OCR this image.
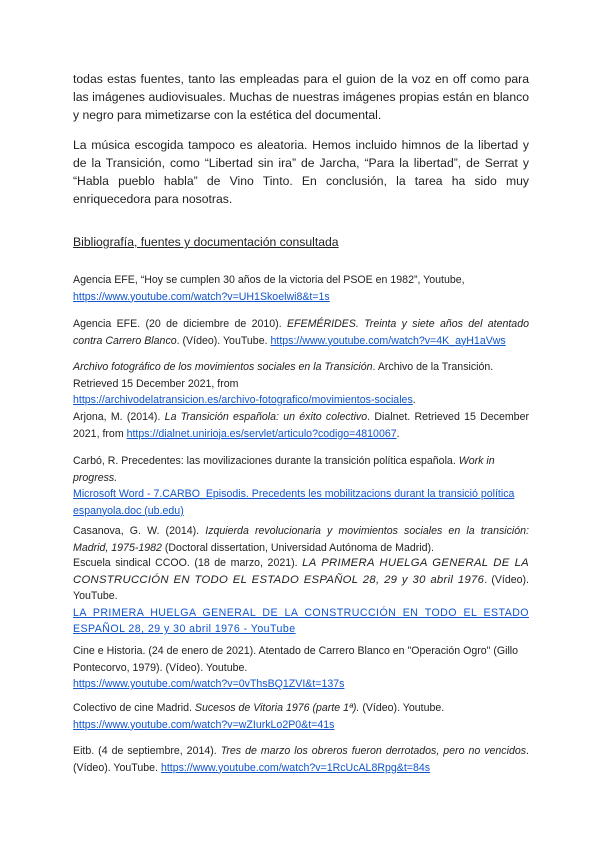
todas estas fuentes, tanto las empleadas para el guion de la voz en off como para las imágenes audiovisuales. Muchas de nuestras imágenes propias están en blanco y negro para mimetizarse con la estética del documental.

La música escogida tampoco es aleatoria. Hemos incluido himnos de la libertad y de la Transición, como “Libertad sin ira” de Jarcha, “Para la libertad”, de Serrat y “Habla pueblo habla” de Vino Tinto. En conclusión, la tarea ha sido muy enriquecedora para nosotras.

Bibliografía, fuentes y documentación consultada
Agencia EFE, “Hoy se cumplen 30 años de la victoria del PSOE en 1982”, Youtube,
https://www.youtube.com/watch?v=UH1Skoelwi8&t=1s
Agencia EFE. (20 de diciembre de 2010). EFEMÉRIDES. Treinta y siete años del atentado contra Carrero Blanco. (Vídeo). YouTube. https://www.youtube.com/watch?v=4K_ayH1aVws
Archivo fotográfico de los movimientos sociales en la Transición. Archivo de la Transición. Retrieved 15 December 2021, from
https://archivodelatransicion.es/archivo-fotografico/movimientos-sociales.
Arjona, M. (2014). La Transición española: un éxito colectivo. Dialnet. Retrieved 15 December 2021, from https://dialnet.unirioja.es/servlet/articulo?codigo=4810067.
Carbó, R. Precedentes: las movilizaciones durante la transición política española. Work in progress.
Microsoft Word - 7.CARBO_Episodis. Precedents les mobilitzacions durant la transició política espanyola.doc (ub.edu)
Casanova, G. W. (2014). Izquierda revolucionaria y movimientos sociales en la transición: Madrid, 1975-1982 (Doctoral dissertation, Universidad Autónoma de Madrid).
Escuela sindical CCOO. (18 de marzo, 2021). LA PRIMERA HUELGA GENERAL DE LA CONSTRUCCIÓN EN TODO EL ESTADO ESPAÑOL 28, 29 y 30 abril 1976. (Vídeo). YouTube.
LA PRIMERA HUELGA GENERAL DE LA CONSTRUCCIÓN EN TODO EL ESTADO ESPAÑOL 28, 29 y 30 abril 1976 - YouTube
Cine e Historia. (24 de enero de 2021). Atentado de Carrero Blanco en "Operación Ogro" (Gillo Pontecorvo, 1979). (Vídeo). Youtube.
https://www.youtube.com/watch?v=0vThsBQ1ZVI&t=137s
Colectivo de cine Madrid. Sucesos de Vitoria 1976 (parte 1ª). (Vídeo). Youtube.
https://www.youtube.com/watch?v=wZIurkLo2P0&t=41s
Eitb. (4 de septiembre, 2014). Tres de marzo los obreros fueron derrotados, pero no vencidos. (Vídeo). YouTube. https://www.youtube.com/watch?v=1RcUcAL8Rpg&t=84s
